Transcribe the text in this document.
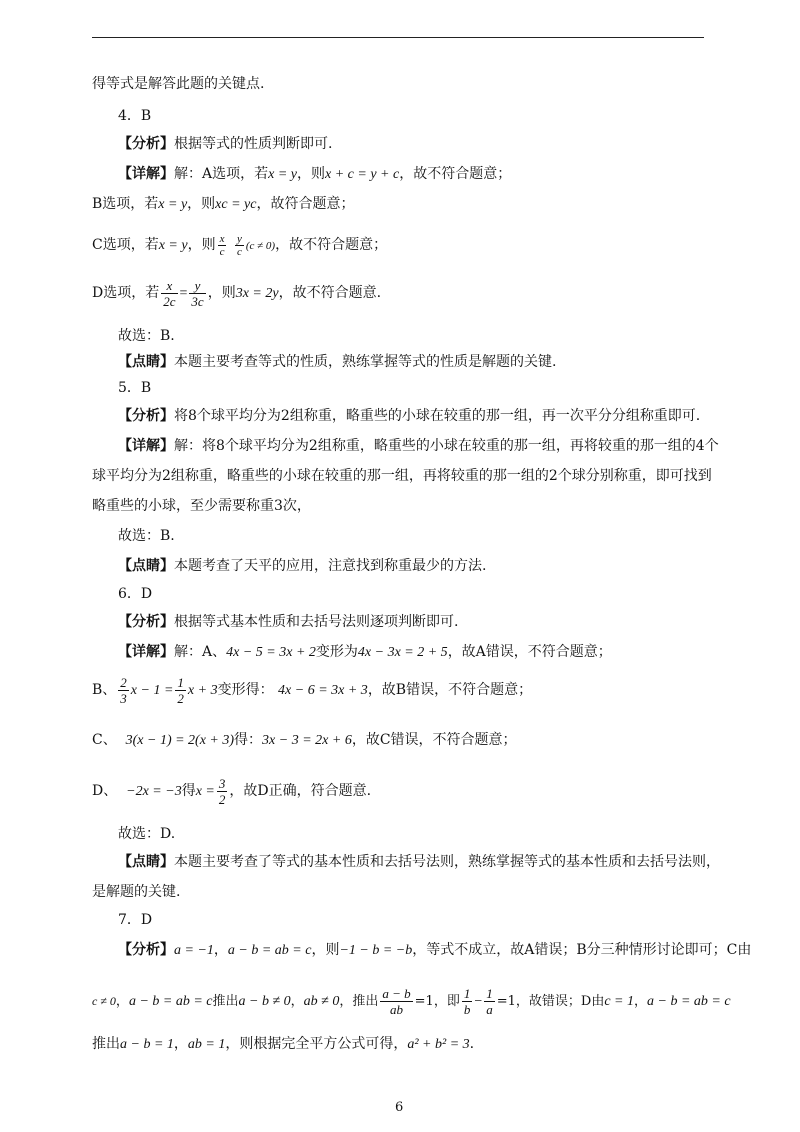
得等式是解答此题的关键点.
4．B
【分析】根据等式的性质判断即可.
【详解】解：A选项，若x = y，则x + c = y + c，故不符合题意；
B选项，若x = y，则xc = yc，故符合题意；
C选项，若x = y，则 $\frac{x}{c}$
$\frac{y}{c} (c \ne 0)$，故不符合题意；
D选项，若 $\frac{x}{2c} = \frac{y}{3c}$ ，则3x = 2y，故不符合题意.
故选：B.
【点睛】本题主要考查等式的性质，熟练掌握等式的性质是解题的关键.
5．B
【分析】将8个球平均分为2组称重，略重些的小球在较重的那一组，再一次平分分组称重即可.
【详解】解：将8个球平均分为2组称重，略重些的小球在较重的那一组，再将较重的那一组的4个
球平均分为2组称重，略重些的小球在较重的那一组，再将较重的那一组的2个球分别称重，即可找到
略重些的小球，至少需要称重3次，
故选：B.
【点睛】本题考查了天平的应用，注意找到称重最少的方法.
6．D
【分析】根据等式基本性质和去括号法则逐项判断即可.
【详解】解：A、4x − 5 = 3x + 2变形为4x − 3x = 2 + 5，故A错误，不符合题意；
B、 $\frac{2}{3}$ $x - 1 = \frac{1}{2}$ x + 3变形得： 4x − 6 = 3x + 3，故B错误，不符合题意；
C、 3(x − 1) = 2(x + 3)得：3x − 3 = 2x + 6，故C错误，不符合题意；
D、 −2x = −3得$x = \frac{3}{2}$ ，故D正确，符合题意.
故选：D.
【点睛】本题主要考查了等式的基本性质和去括号法则，熟练掌握等式的基本性质和去括号法则，
是解题的关键.
7．D
【分析】a = −1，a − b = ab = c，则−1 − b = −b，等式不成立，故A错误；B分三种情形讨论即可；C由
c ≠ 0，a − b = ab = c推出a − b ≠ 0，ab ≠ 0，推出 $\frac{a - b}{ab} =1$，即 $\frac{1}{b} - \frac{1}{a} =1$，故错误；D由c = 1，a − b = ab = c
推出a − b = 1，ab = 1，则根据完全平方公式可得，a² + b² = 3.
6
